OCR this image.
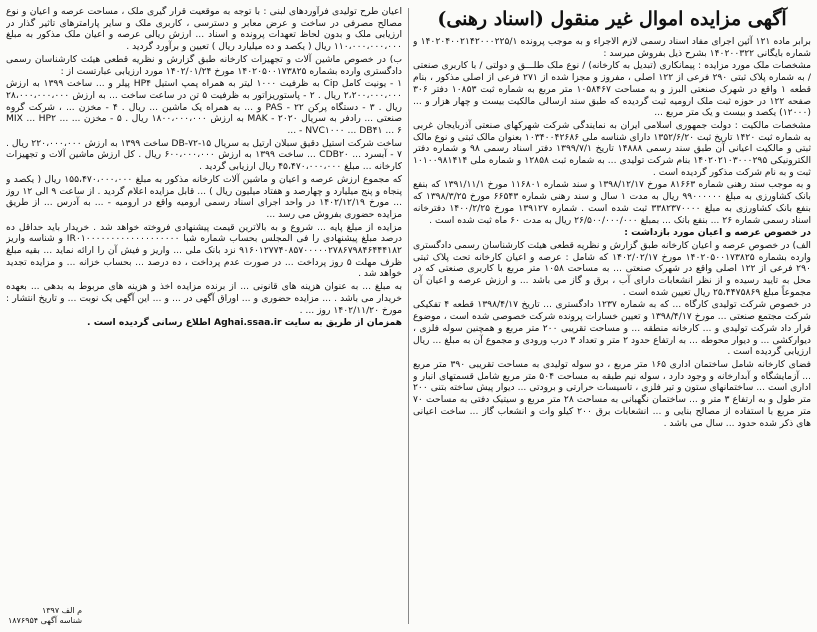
آگهی مزایده اموال غیر منقول (اسناد رهنی)

برابر ماده ۱۲۱ آئین اجرای مفاد اسناد رسمی لازم الاجراء و به موجب پرونده ۱۴۰۲۰۴۰۰۲۱۴۲۰۰۰۲۲۵/۱ و شماره بایگانی ۱۴۰۲۰۰۳۲۲ بشرح ذیل بفروش میرسد :

مشخصات ملک مورد مزایده : پیمانکاری (تبدیل به کارخانه) / نوع ملک طلـــق و دولتی / با کاربری صنعتی / به شماره پلاک ثبتی ۲۹۰ فرعی از ۱۲۲ اصلی ، مفروز و مجزا شده از ۲۷۱ فرعی از اصلی مذکور ، بنام قطعه ۱ واقع در شهرک صنعتی البرز و به مساحت ۱۰۵۸۴۶۷ متر مربع به شماره ثبت ۱۰۸۵۳ دفتر ۳۰۶ صفحه ۱۲۲ در حوزه ثبت ملک ارومیه ثبت گردیده که طبق سند ارسالی مالکیت بیست و چهار هزار و ... (۱۲۰۰۰) یکصد و بیست و یک متر مربع ...

مشخصات مالکیت : دولت جمهوری اسلامی ایران به نمایندگی شرکت شهرکهای صنعتی آذربایجان غربی به شماره ثبت ۱۴۲۰ تاریخ ثبت ۱۳۵۲/۶/۲۰ دارای شناسه ملی ۱۰۳۴۰۰۴۲۶۸۶ بعنوان مالک ثبتی و نوع مالک ثبتی و مالکیت اعیانی آن طبق سند رسمی ۱۴۸۸۸ تاریخ ۱۳۹۹/۷/۱ دفتر اسناد رسمی ۹۸ و شماره دفتر الکترونیکی ۱۴۰۲۰۲۱۰۳۰۰۰۲۹۵ بنام شرکت تولیدی ... به شماره ثبت ۱۲۸۵۸ و شماره ملی ۱۰۱۰۰۹۸۱۴۱۴ ثبت و به نام شرکت مذکور گردیده است .

و به موجب سند رهنی شماره ۸۱۶۶۳ مورخ ۱۳۹۸/۱۲/۱۷ و سند شماره ۱۱۶۸۰۱ مورخ ۱۳۹۱/۱۱/۱ که بنفع بانک کشاورزی به مبلغ ۹۹۰۰۰۰۰۰ ریال به مدت ۱ سال و سند رهنی شماره ۶۶۵۴۳ مورخ ۱۳۹۸/۳/۲۵ که بنفع بانک کشاورزی به مبلغ ۳۳۸۲۳۷۰۰۰۰ ثبت شده است . شماره ۱۳۹۱۲۷ مورخ ۱۴۰۰/۲/۲۵ دفترخانه اسناد رسمی شماره ۲۶ ... بنفع بانک ... بمبلغ ۲۶/۵۰۰/۰۰۰/۰۰۰ ریال به مدت ۶۰ ماه ثبت شده است .

در خصوص عرصه و اعیان مورد بازداشت :

الف) در خصوص عرصه و اعیان کارخانه طبق گزارش و نظریه قطعی هیئت کارشناسان رسمی دادگستری وارده بشماره ۱۴۰۲۰۵۰۰۱۷۳۸۲۵ مورخ ۱۴۰۲/۰۲/۱۷ که شامل : عرصه و اعیان کارخانه تحت پلاک ثبتی ۲۹۰ فرعی از ۱۲۲ اصلی واقع در شهرک صنعتی ... به مساحت ۱۰۵۸ متر مربع با کاربری صنعتی که در محل به تایید رسیده و از نظر انشعابات دارای آب ، برق و گاز می باشد ... و ارزش عرصه و اعیان آن مجموعاً مبلغ ۲۵،۴۴۷۵۸۶۹ ریال تعیین شده است .

در خصوص شرکت تولیدی کارگاه ... که به شماره ۱۲۳۷ دادگستری ... تاریخ ۱۳۹۸/۴/۱۷ قطعه ۴ تفکیکی شرکت مجتمع صنعتی ... مورخ ۱۳۹۸/۴/۱۷ و تعیین خسارات پرونده شرکت خصوصی شده است ، موضوع قرار داد شرکت تولیدی و ... کارخانه منطقه ... و مساحت تقریبی ۲۰۰ متر مربع و همچنین سوله فلزی ، دیوارکشی ... و دیوار محوطه ... به ارتفاع حدود ۲ متر و تعداد ۳ درب ورودی و مجموع آن به مبلغ ... ریال ارزیابی گردیده است .

فضای کارخانه شامل ساختمان اداری ۱۶۵ متر مربع ، دو سوله تولیدی به مساحت تقریبی ۳۹۰ متر مربع ... آزمایشگاه و آبدارخانه و وجود دارد ، سوله نیم طبقه به مساحت ۵۰۴ متر مربع شامل قسمتهای انبار و اداری است ... ساختمانهای ستون و تیر فلزی ، تاسیسات حرارتی و برودتی ... دیوار پیش ساخته بتنی ۲۰۰ متر طول و به ارتفاع ۳ متر و ... ساختمان نگهبانی به مساحت ۲۸ متر مربع و سیتیک دفتی به مساحت ۷۰ متر مربع با استفاده از مصالح بنایی و ... انشعابات برق ۲۰۰ کیلو وات و انشعاب گاز ... ساخت اعیانی های ذکر شده حدود ... سال می باشد .

اعیان طرح تولیدی فرآوردهای لبنی : با توجه به موقعیت قرار گیری ملک ، مساحت عرصه و اعیان و نوع مصالح مصرفی در ساخت و عرض معابر و دسترسی ، کاربری ملک و سایر پارامترهای تاثیر گذار در ارزیابی ملک و بدون لحاظ تعهدات پرونده و اسناد ... ارزش ریالی عرصه و اعیان ملک مذکور به مبلغ ۱۱۰،۰۰۰،۰۰۰،۰۰۰ ریال ( یکصد و ده میلیارد ریال ) تعیین و برآورد گردید .

ب) در خصوص ماشین آلات و تجهیزات کارخانه طبق گزارش و نظریه قطعی هیئت کارشناسان رسمی دادگستری وارده بشماره ۱۴۰۲۰۵۰۰۱۷۳۸۲۵ مورخ ۱۴۰۲/۰۱/۲۴ مورد ارزیابی عبارتست از :

۱ - یونیت کامل Cip به ظرفیت ۱۰۰۰ لیتر به همراه پمپ استیل HP۴ پیلر و ... ساخت ۱۳۹۹ به ارزش ۲،۲۰۰،۰۰۰،۰۰۰ ریال . ۲ - پاستوریزاتور به ظرفیت ۵ تن در ساعت ساخت ... به ارزش ۲۸،۰۰۰،۰۰۰،۰۰۰ ریال . ۳ - دستگاه پرکن PAS - ۲۲ و ... به همراه یک ماشین ... ریال . ۴ - مخزن ... ، شرکت گروه صنعتی ... رادفر به سریال ۲۰۲۰ - MAK به ارزش ۱۸۰۰،۰۰۰،۰۰۰ ریال . ۵ - مخزن ... MIX ... HP۲ ... NVC۱۰۰۰ ... DB۴۱ ... ۶ - ...

ساخت شرکت استیل دقیق سبلان ارتیل به سریال DB-۷۲-۱۵ ساخت ۱۳۹۹ به ارزش ۲۲۰،۰۰۰،۰۰۰ ریال . ۷ - آبسرد ... CDB۲۰ ... ساخت ۱۳۹۹ به ارزش ۶۰۰،۰۰۰،۰۰۰ ریال . کل ارزش ماشین آلات و تجهیزات کارخانه ... مبلغ ۴۵،۴۷۰،۰۰۰،۰۰۰ ریال ارزیابی گردید .

که مجموع ارزش عرصه و اعیان و ماشین آلات کارخانه مذکور به مبلغ ۱۵۵،۴۷۰،۰۰۰،۰۰۰ ریال ( یکصد و پنجاه و پنج میلیارد و چهارصد و هفتاد میلیون ریال ) ... قابل مزایده اعلام گردید . از ساعت ۹ الی ۱۲ روز ... مورخ ۱۴۰۲/۱۲/۱۹ در واحد اجرای اسناد رسمی ارومیه واقع در ارومیه - ... به آدرس ... از طریق مزایده حضوری بفروش می رسد ...

مزایده از مبلغ پایه ... شروع و به بالاترین قیمت پیشنهادی فروخته خواهد شد . خریدار باید حداقل ده درصد مبلغ پیشنهادی را فی المجلس بحساب شماره شبا IR۰۱۰۰۰۰۰۰۰۰۰۰۰۰۰۰۰۰۰۰۰ و شناسه واریز ۹۱۶۰۱۲۷۷۴۰۸۵۷۰۰۰۰۰۲۷۸۶۷۹۸۴۶۴۴۴۱۸۲ نزد بانک ملی ... واریز و فیش آن را ارائه نماید ... بقیه مبلغ ظرف مهلت ۵ روز پرداخت ... در صورت عدم پرداخت ، ده درصد ... بحساب خزانه ... و مزایده تجدید خواهد شد .

به مبلغ ... به عنوان هزینه های قانونی ... از برنده مزایده اخذ و هزینه های مربوط به بدهی ... بعهده خریدار می باشد . ... مزایده حضوری و ... اوراق آگهی در ... و ... این آگهی یک نوبت ... و تاریخ انتشار : مورخ ۱۴۰۲/۱۱/۲۰ روز ... .

همزمان از طریق به سایت Aghai.ssaa.ir اطلاع رسانی گردیده است .

م الف ۱۳۹۷
شناسه آگهی ۱۸۷۶۹۵۴
